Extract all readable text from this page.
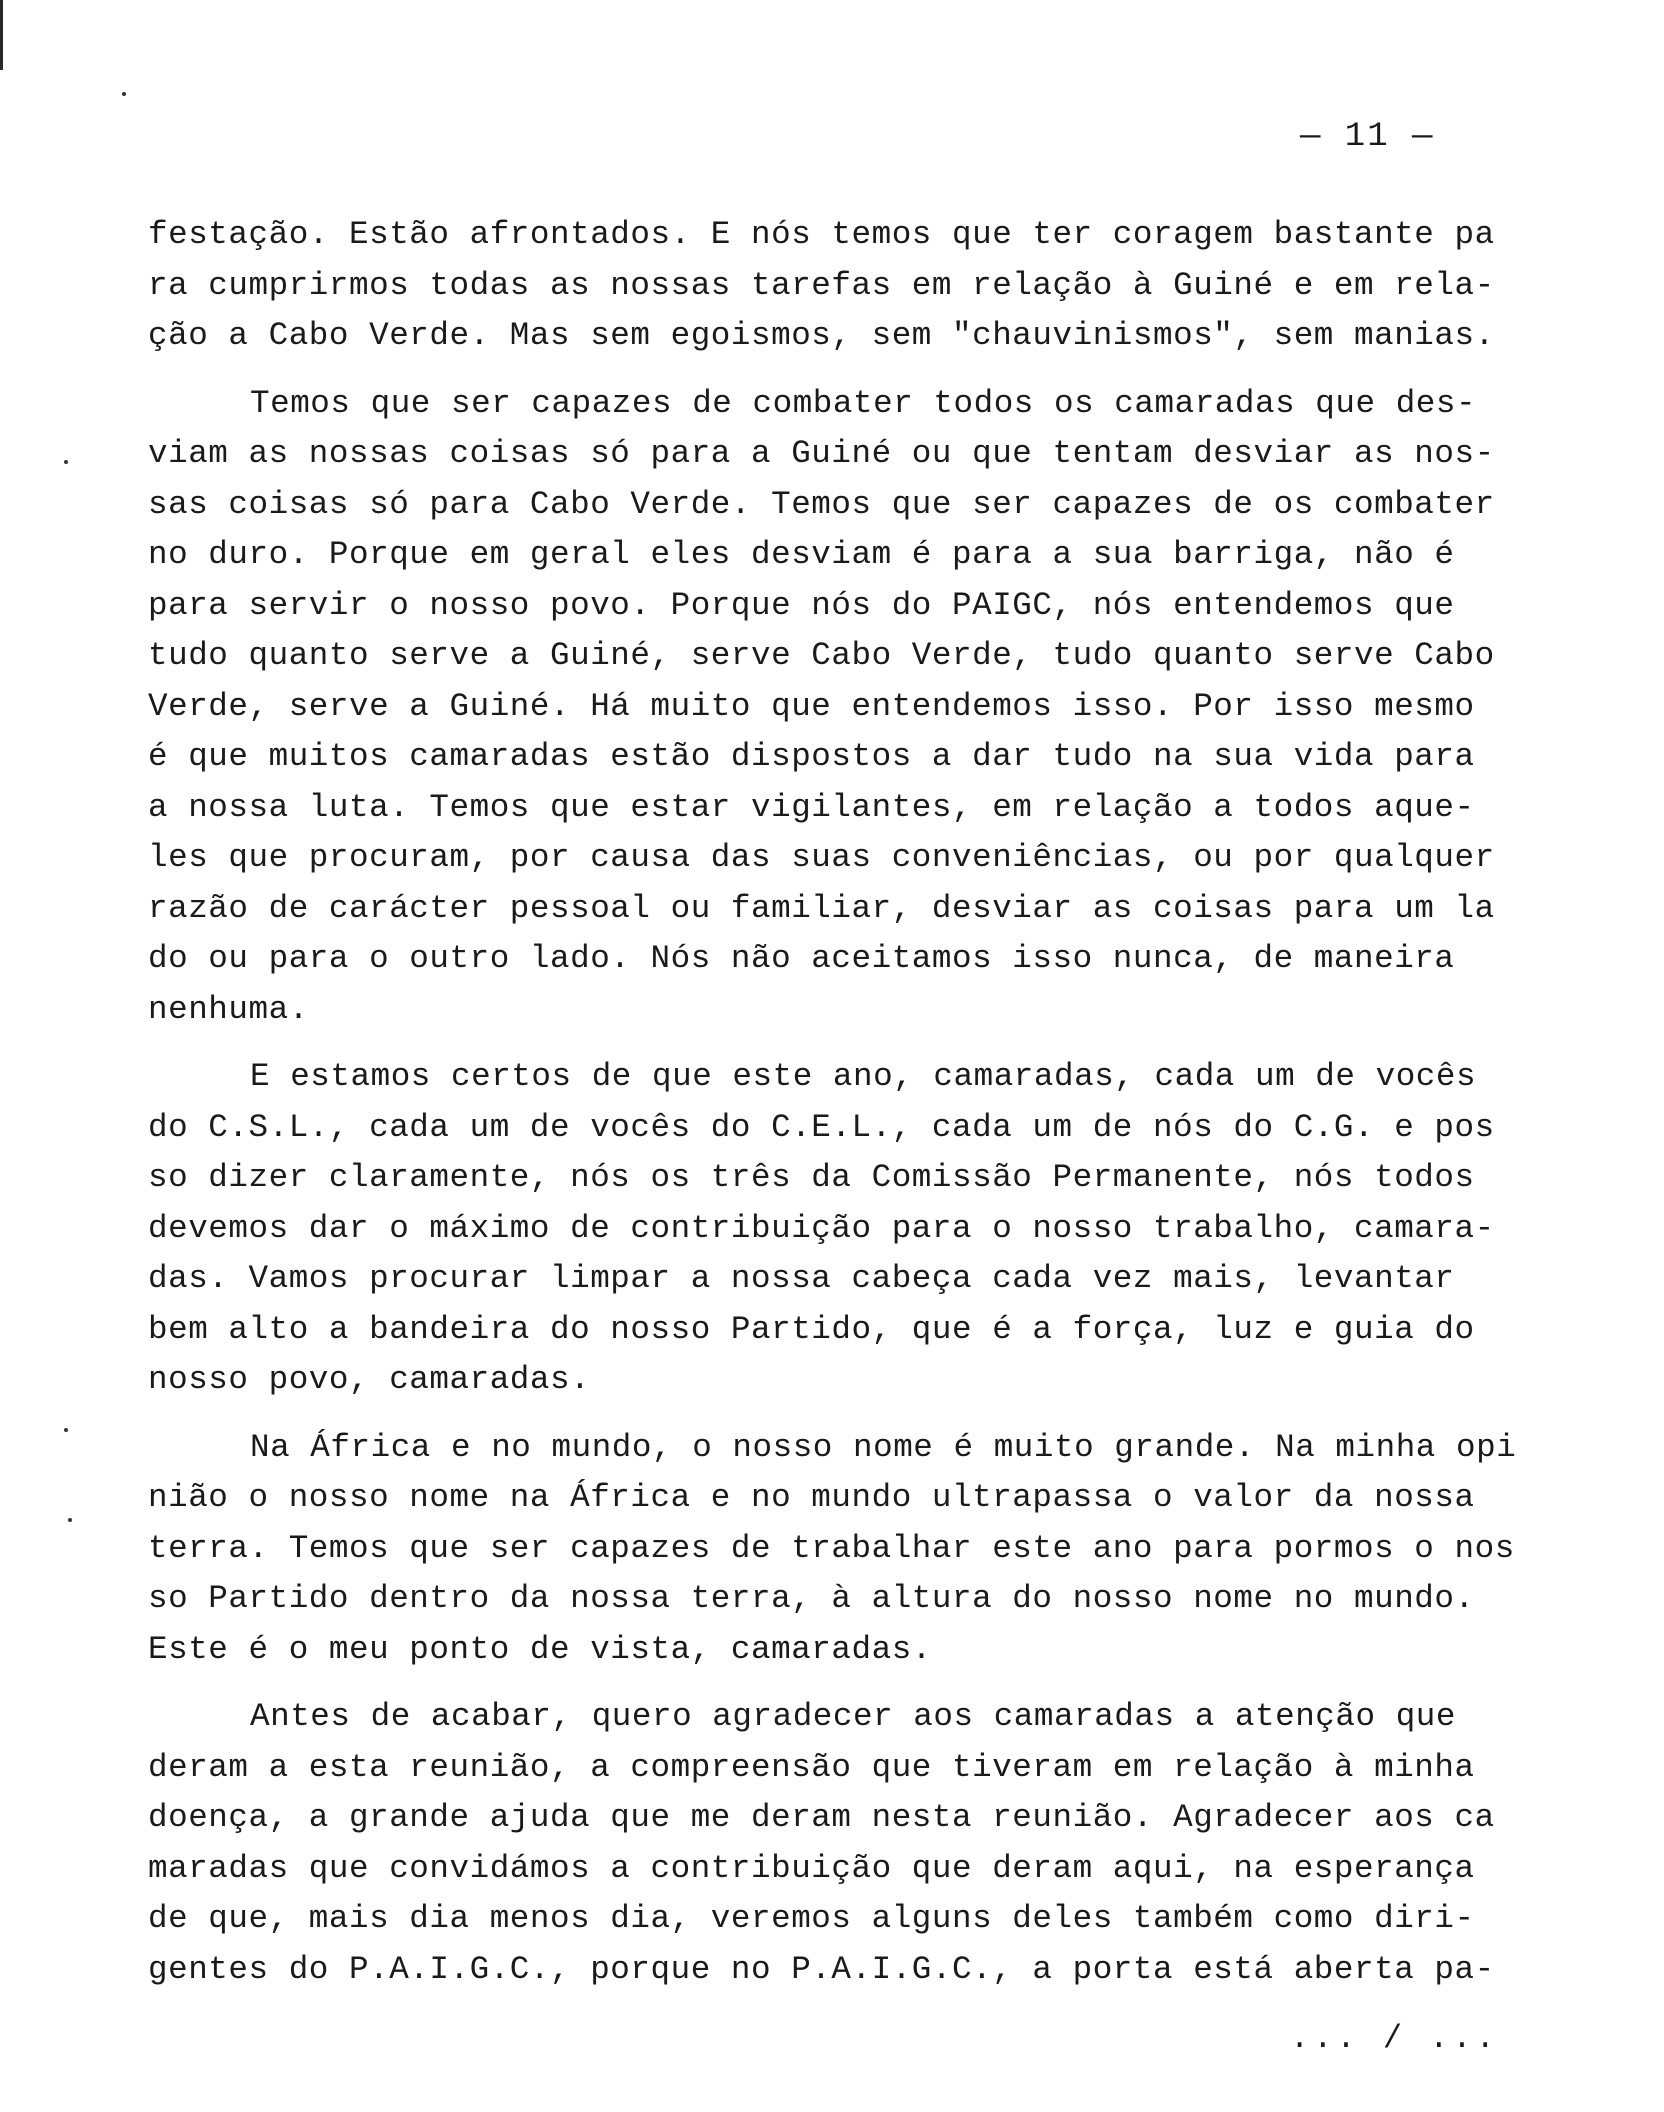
— 11 —
festação. Estão afrontados. E nós temos que ter coragem bastante pa
ra cumprirmos todas as nossas tarefas em relação à Guiné e em rela-
ção a Cabo Verde. Mas sem egoismos, sem "chauvinismos", sem manias.
Temos que ser capazes de combater todos os camaradas que des-
viam as nossas coisas só para a Guiné ou que tentam desviar as nos-
sas coisas só para Cabo Verde. Temos que ser capazes de os combater
no duro. Porque em geral eles desviam é para a sua barriga, não é
para servir o nosso povo. Porque nós do PAIGC, nós entendemos que
tudo quanto serve a Guiné, serve Cabo Verde, tudo quanto serve Cabo
Verde, serve a Guiné. Há muito que entendemos isso. Por isso mesmo
é que muitos camaradas estão dispostos a dar tudo na sua vida para
a nossa luta. Temos que estar vigilantes, em relação a todos aque-
les que procuram, por causa das suas conveniências, ou por qualquer
razão de carácter pessoal ou familiar, desviar as coisas para um la
do ou para o outro lado. Nós não aceitamos isso nunca, de maneira
nenhuma.
E estamos certos de que este ano, camaradas, cada um de vocês
do C.S.L., cada um de vocês do C.E.L., cada um de nós do C.G. e pos
so dizer claramente, nós os três da Comissão Permanente, nós todos
devemos dar o máximo de contribuição para o nosso trabalho, camara-
das. Vamos procurar limpar a nossa cabeça cada vez mais, levantar
bem alto a bandeira do nosso Partido, que é a força, luz e guia do
nosso povo, camaradas.
Na África e no mundo, o nosso nome é muito grande. Na minha opi
nião o nosso nome na África e no mundo ultrapassa o valor da nossa
terra. Temos que ser capazes de trabalhar este ano para pormos o nos
so Partido dentro da nossa terra, à altura do nosso nome no mundo.
Este é o meu ponto de vista, camaradas.
Antes de acabar, quero agradecer aos camaradas a atenção que
deram a esta reunião, a compreensão que tiveram em relação à minha
doença, a grande ajuda que me deram nesta reunião. Agradecer aos ca
maradas que convidámos a contribuição que deram aqui, na esperança
de que, mais dia menos dia, veremos alguns deles também como diri-
gentes do P.A.I.G.C., porque no P.A.I.G.C., a porta está aberta pa-
... / ...
